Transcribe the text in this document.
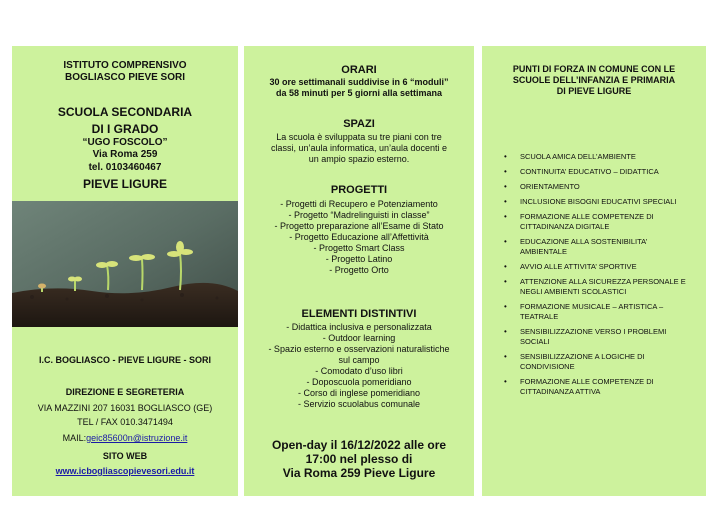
ISTITUTO COMPRENSIVO
BOGLIASCO PIEVE SORI
SCUOLA SECONDARIA
DI I GRADO
“UGO FOSCOLO”
Via Roma 259
tel. 0103460467
PIEVE LIGURE
I.C. BOGLIASCO - PIEVE LIGURE - SORI
DIREZIONE E SEGRETERIA
VIA MAZZINI 207 16031 BOGLIASCO (GE)
TEL / FAX 010.3471494
MAIL:geic85600n@istruzione.it
SITO WEB
www.icbogliascopievesori.edu.it
ORARI
30 ore settimanali suddivise in 6 “moduli”
da 58 minuti per 5 giorni alla settimana
SPAZI
La scuola è sviluppata su tre piani con tre
classi, un’aula informatica, un’aula docenti e
un ampio spazio esterno.
PROGETTI
- Progetti di Recupero e Potenziamento
- Progetto “Madrelinguisti in classe”
- Progetto preparazione all’Esame di Stato
- Progetto Educazione all’Affettività
- Progetto Smart Class
- Progetto Latino
- Progetto Orto
ELEMENTI DISTINTIVI
- Didattica inclusiva e personalizzata
- Outdoor learning
- Spazio esterno e osservazioni naturalistiche
sul campo
- Comodato d’uso libri
- Doposcuola pomeridiano
- Corso di inglese pomeridiano
- Servizio scuolabus comunale
Open-day il 16/12/2022 alle ore
17:00 nel plesso di
Via Roma 259 Pieve Ligure
PUNTI DI FORZA IN COMUNE CON LE
SCUOLE DELL’INFANZIA E PRIMARIA
DI PIEVE LIGURE
• SCUOLA AMICA DELL’AMBIENTE
• CONTINUITA’ EDUCATIVO – DIDATTICA
• ORIENTAMENTO
• INCLUSIONE BISOGNI EDUCATIVI SPECIALI
• FORMAZIONE ALLE COMPETENZE DI CITTADINANZA DIGITALE
• EDUCAZIONE ALLA SOSTENIBILITA’ AMBIENTALE
• AVVIO ALLE ATTIVITA’ SPORTIVE
• ATTENZIONE ALLA SICUREZZA PERSONALE E NEGLI AMBIENTI SCOLASTICI
• FORMAZIONE MUSICALE – ARTISTICA – TEATRALE
• SENSIBILIZZAZIONE VERSO I PROBLEMI SOCIALI
• SENSIBILIZZAZIONE A LOGICHE DI CONDIVISIONE
• FORMAZIONE ALLE COMPETENZE DI CITTADINANZA ATTIVA
